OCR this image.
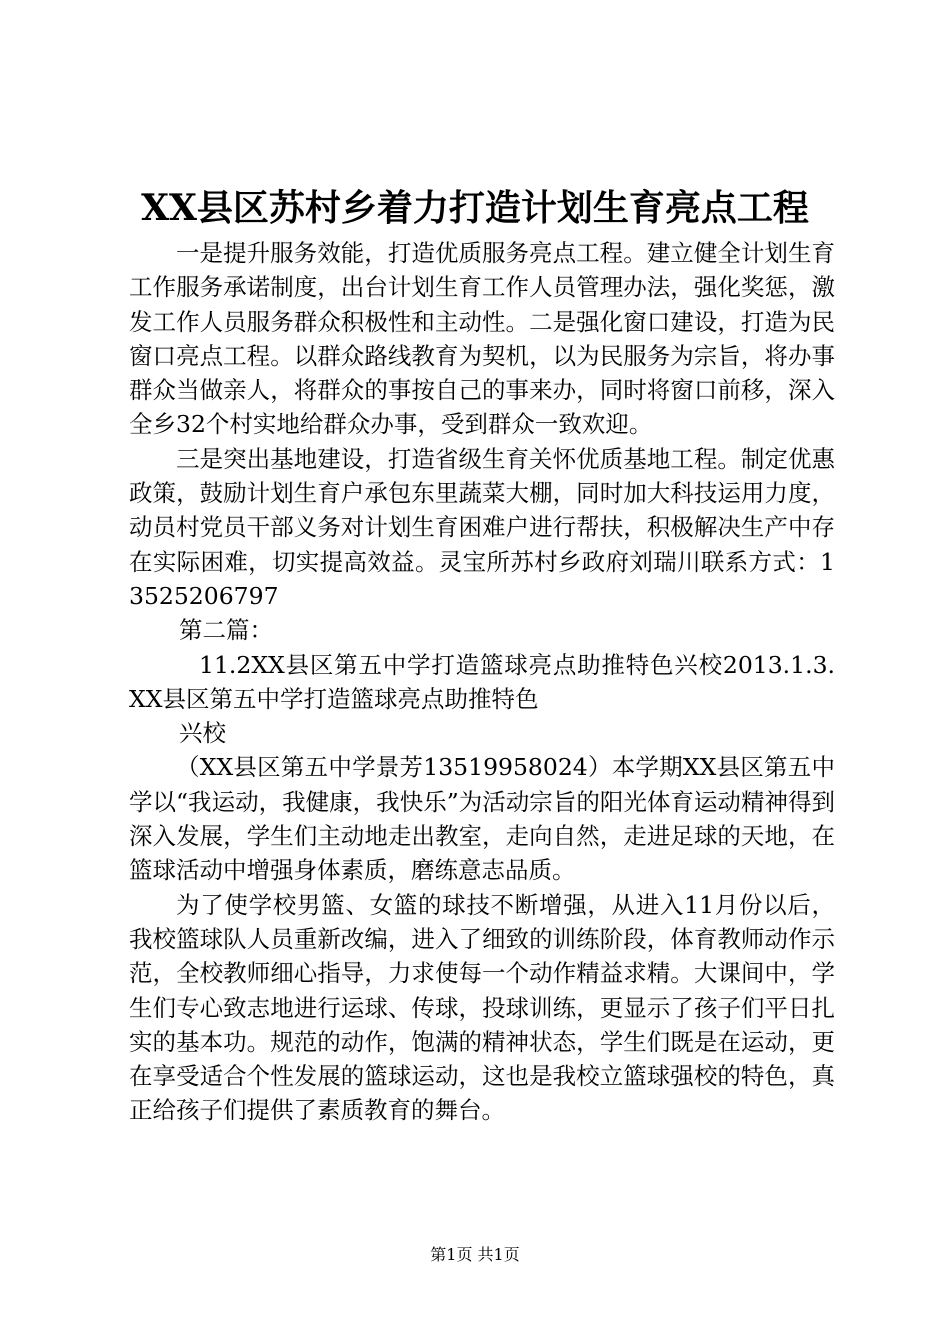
XX县区苏村乡着力打造计划生育亮点工程

一是提升服务效能，打造优质服务亮点工程。建立健全计划生育工作服务承诺制度，出台计划生育工作人员管理办法，强化奖惩，激发工作人员服务群众积极性和主动性。二是强化窗口建设，打造为民窗口亮点工程。以群众路线教育为契机，以为民服务为宗旨，将办事群众当做亲人，将群众的事按自己的事来办，同时将窗口前移，深入全乡32个村实地给群众办事，受到群众一致欢迎。

三是突出基地建设，打造省级生育关怀优质基地工程。制定优惠政策，鼓励计划生育户承包东里蔬菜大棚，同时加大科技运用力度，动员村党员干部义务对计划生育困难户进行帮扶，积极解决生产中存在实际困难，切实提高效益。灵宝所苏村乡政府刘瑞川联系方式：13525206797

第二篇：

11.2XX县区第五中学打造篮球亮点助推特色兴校2013.1.3.XX县区第五中学打造篮球亮点助推特色

兴校

（XX县区第五中学景芳13519958024）本学期XX县区第五中学以“我运动，我健康，我快乐”为活动宗旨的阳光体育运动精神得到深入发展，学生们主动地走出教室，走向自然，走进足球的天地，在篮球活动中增强身体素质，磨练意志品质。

为了使学校男篮、女篮的球技不断增强，从进入11月份以后，我校篮球队人员重新改编，进入了细致的训练阶段，体育教师动作示范，全校教师细心指导，力求使每一个动作精益求精。大课间中，学生们专心致志地进行运球、传球，投球训练，更显示了孩子们平日扎实的基本功。规范的动作，饱满的精神状态，学生们既是在运动，更在享受适合个性发展的篮球运动，这也是我校立篮球强校的特色，真正给孩子们提供了素质教育的舞台。

第1页 共1页
